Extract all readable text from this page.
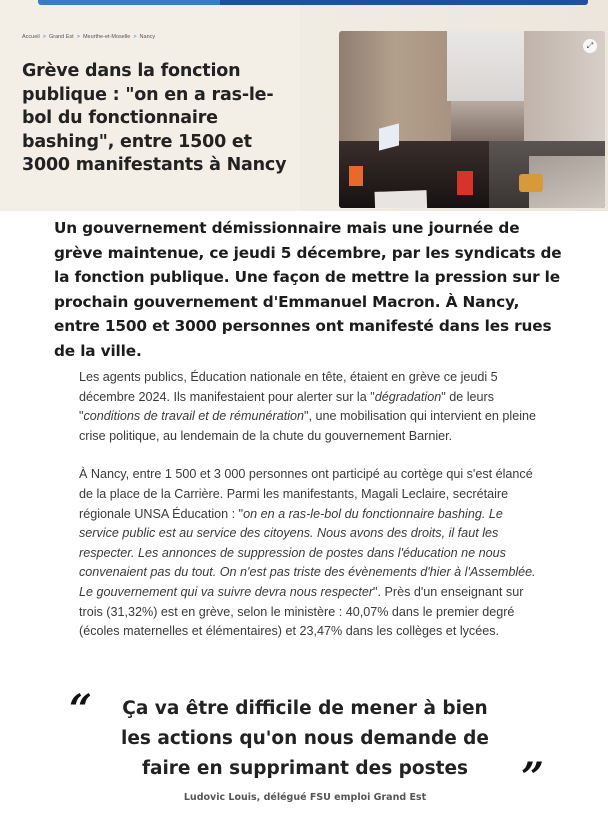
Accueil > Grand Est > Meurthe-et-Moselle > Nancy
Grève dans la fonction publique : "on en a ras-le-bol du fonctionnaire bashing", entre 1500 et 3000 manifestants à Nancy
⤢

Un gouvernement démissionnaire mais une journée de grève maintenue, ce jeudi 5 décembre, par les syndicats de la fonction publique. Une façon de mettre la pression sur le prochain gouvernement d'Emmanuel Macron. À Nancy, entre 1500 et 3000 personnes ont manifesté dans les rues de la ville.

Les agents publics, Éducation nationale en tête, étaient en grève ce jeudi 5 décembre 2024. Ils manifestaient pour alerter sur la "dégradation" de leurs "conditions de travail et de rémunération", une mobilisation qui intervient en pleine crise politique, au lendemain de la chute du gouvernement Barnier.

À Nancy, entre 1 500 et 3 000 personnes ont participé au cortège qui s'est élancé de la place de la Carrière. Parmi les manifestants, Magali Leclaire, secrétaire régionale UNSA Éducation : "on en a ras-le-bol du fonctionnaire bashing. Le service public est au service des citoyens. Nous avons des droits, il faut les respecter. Les annonces de suppression de postes dans l'éducation ne nous convenaient pas du tout. On n'est pas triste des évènements d'hier à l'Assemblée. Le gouvernement qui va suivre devra nous respecter". Près d'un enseignant sur trois (31,32%) est en grève, selon le ministère : 40,07% dans le premier degré (écoles maternelles et élémentaires) et 23,47% dans les collèges et lycées.

“	Ça va être difficile de mener à bien les actions qu'on nous demande de faire en supprimant des postes	”
Ludovic Louis, délégué FSU emploi Grand Est
